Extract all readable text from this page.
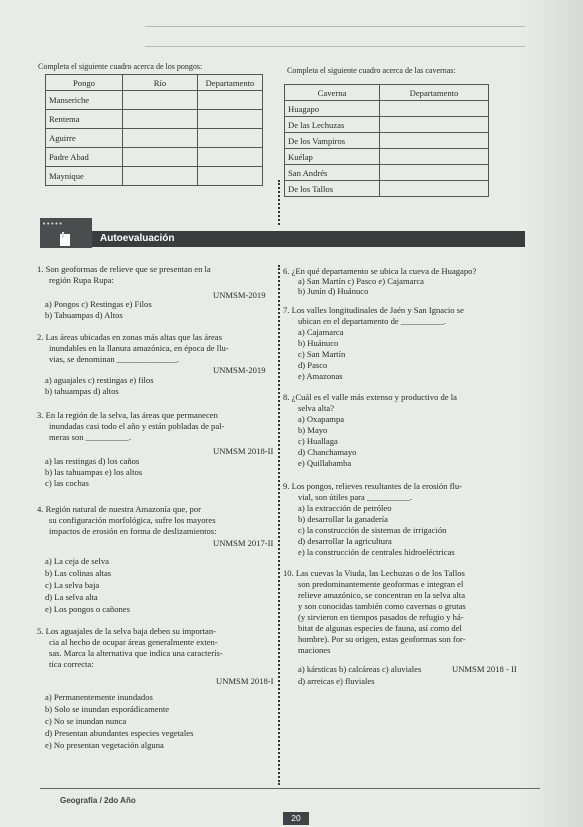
Completa el siguiente cuadro acerca de los pongos:	Completa el siguiente cuadro acerca de las cavernas:
Pongo	Río	Departamento
Manseriche		
Rentema		
Aguirre		
Padre Abad		
Maynique		
Caverna	Departamento
Huagapo	
De las Lechuzas	
De los Vampiros	
Kuélap	
San Andrés	
De los Tallos	
•••••
Autoevaluación
1. Son geoformas de relieve que se presentan en la
región Rupa Rupa:
UNMSM-2019
a) Pongos c) Restingas e) Filos
b) Tahuampas d) Altos
2. Las áreas ubicadas en zonas más altas que las áreas
inundables en la llanura amazónica, en época de llu-
vias, se denominan ______________.
UNMSM-2019
a) aguajales c) restingas e) filos
b) tahuampas d) altos
3. En la región de la selva, las áreas que permanecen
inundadas casi todo el año y están pobladas de pal-
meras son __________.
UNMSM 2018-II
a) las restingas d) los caños
b) las tahuampas e) los altos
c) las cochas
4. Región natural de nuestra Amazonía que, por
su configuración morfológica, sufre los mayores
impactos de erosión en forma de deslizamientos:
UNMSM 2017-II
a) La ceja de selva
b) Las colinas altas
c) La selva baja
d) La selva alta
e) Los pongos o cañones
5. Los aguajales de la selva baja deben su importan-
cia al hecho de ocupar áreas generalmente exten-
sas. Marca la alternativa que indica una caracterís-
tica correcta:
UNMSM 2018-I
a) Permanentemente inundados
b) Solo se inundan esporádicamente
c) No se inundan nunca
d) Presentan abundantes especies vegetales
e) No presentan vegetación alguna
6. ¿En qué departamento se ubica la cueva de Huagapo?
a) San Martín c) Pasco e) Cajamarca
b) Junín d) Huánuco
7. Los valles longitudinales de Jaén y San Ignacio se
ubican en el departamento de __________.
a) Cajamarca
b) Huánuco
c) San Martín
d) Pasco
e) Amazonas
8. ¿Cuál es el valle más extenso y productivo de la
selva alta?
a) Oxapampa
b) Mayo
c) Huallaga
d) Chanchamayo
e) Quillabamba
9. Los pongos, relieves resultantes de la erosión flu-
vial, son útiles para __________.
a) la extracción de petróleo
b) desarrollar la ganadería
c) la construcción de sistemas de irrigación
d) desarrollar la agricultura
e) la construcción de centrales hidroeléctricas
10. Las cuevas la Viuda, las Lechuzas o de los Tallos
son predominantemente geoformas e integran el
relieve amazónico, se concentran en la selva alta
y son conocidas también como cavernas o grutas
(y sirvieron en tiempos pasados de refugio y há-
bitat de algunas especies de fauna, así como del
hombre). Por su origen, estas geoformas son for-
maciones
UNMSM 2018 - II
a) kársticas b) calcáreas c) aluviales
d) arreicas e) fluviales
Geografía / 2do Año
20
